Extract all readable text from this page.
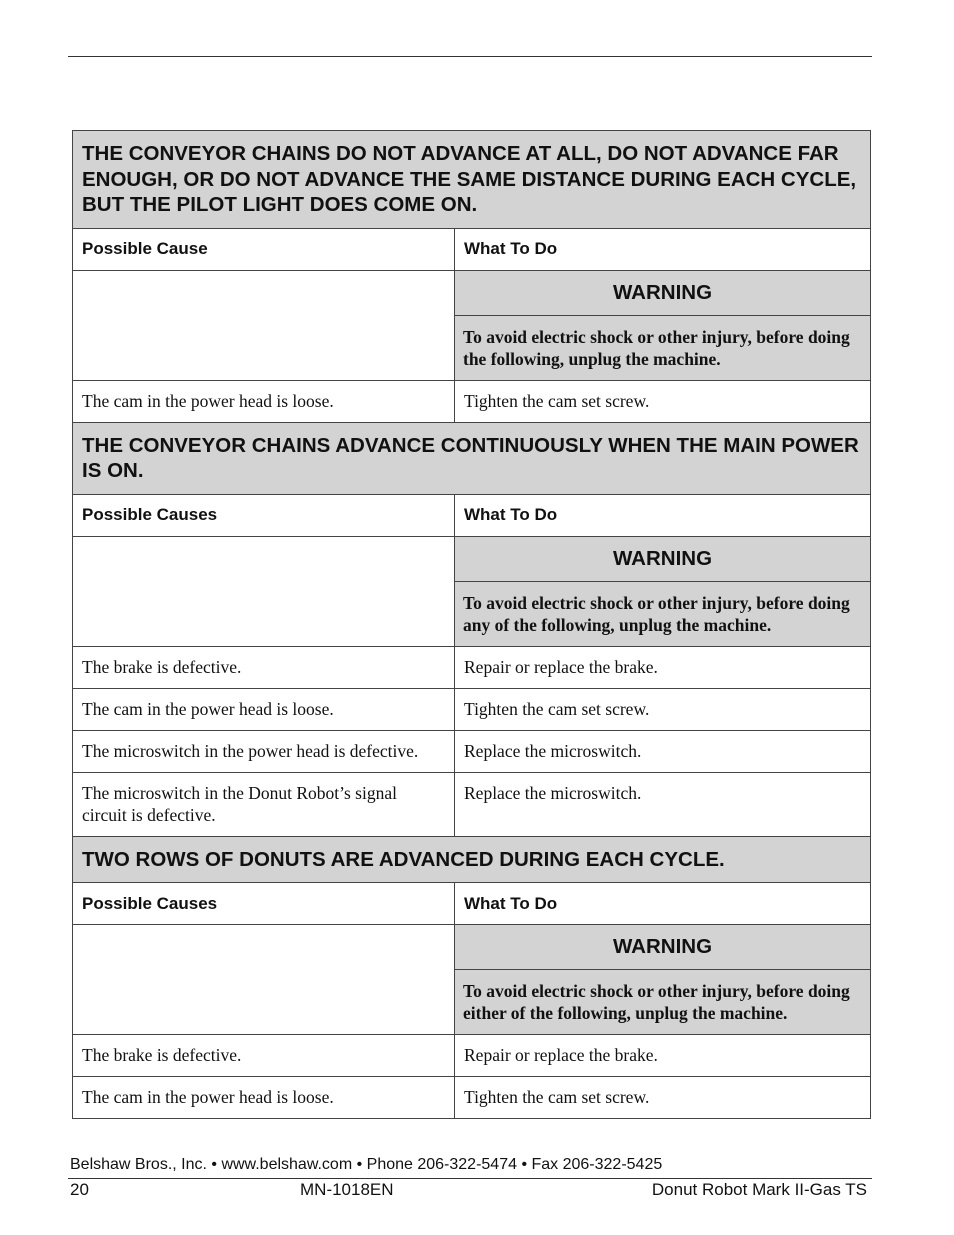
THE CONVEYOR CHAINS DO NOT ADVANCE AT ALL, DO NOT ADVANCE FAR ENOUGH, OR DO NOT ADVANCE THE SAME DISTANCE DURING EACH CYCLE, BUT THE PILOT LIGHT DOES COME ON.	
Possible Cause	What To Do

	WARNING
To avoid electric shock or other injury, before doing the following, unplug the machine.

The cam in the power head is loose.	Tighten the cam set screw.
THE CONVEYOR CHAINS ADVANCE CONTINUOUSLY WHEN THE MAIN POWER IS ON.	
Possible Causes	What To Do

	WARNING
To avoid electric shock or other injury, before doing any of the following, unplug the machine.

The brake is defective.	Repair or replace the brake.
The cam in the power head is loose.	Tighten the cam set screw.
The microswitch in the power head is defective.	Replace the microswitch.
The microswitch in the Donut Robot’s signal circuit is defective.	Replace the microswitch.
TWO ROWS OF DONUTS ARE ADVANCED DURING EACH CYCLE.	
Possible Causes	What To Do

	WARNING
To avoid electric shock or other injury, before doing either of the following, unplug the machine.

The brake is defective.	Repair or replace the brake.
The cam in the power head is loose.	Tighten the cam set screw.
Belshaw Bros., Inc. • www.belshaw.com • Phone 206-322-5474 • Fax 206-322-5425
20	MN-1018EN	Donut Robot Mark II-Gas TS
